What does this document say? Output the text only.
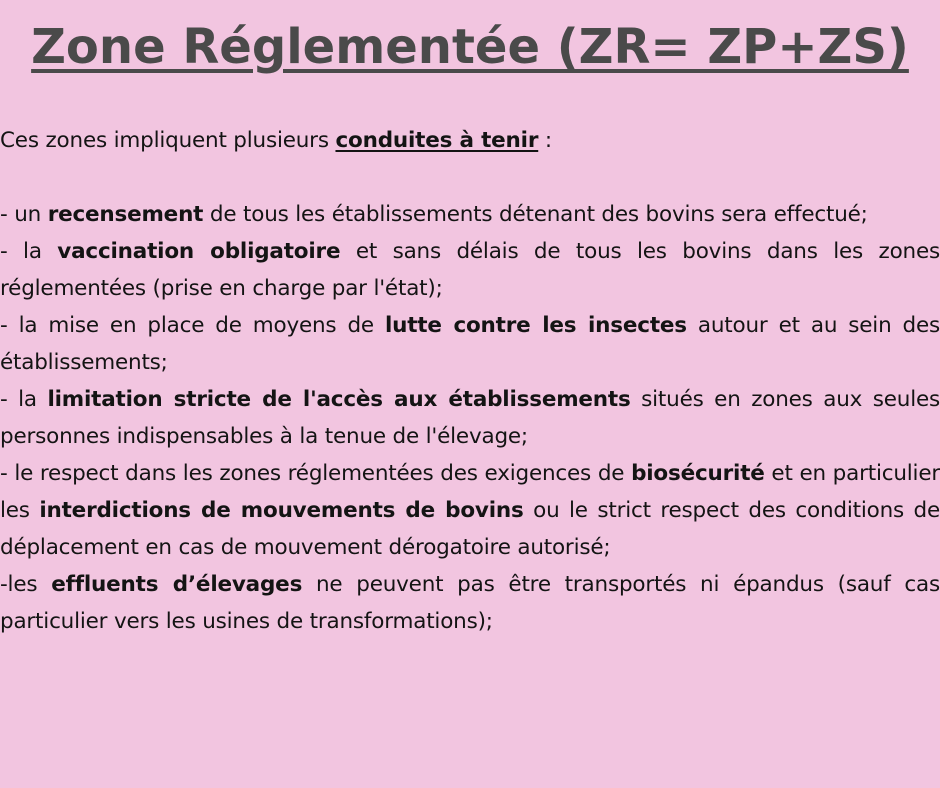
Zone Réglementée (ZR= ZP+ZS)

Ces zones impliquent plusieurs conduites à tenir :

- un recensement de tous les établissements détenant des bovins sera effectué;

- la vaccination obligatoire et sans délais de tous les bovins dans les zones réglementées (prise en charge par l'état);

- la mise en place de moyens de lutte contre les insectes autour et au sein des établissements;

- la limitation stricte de l'accès aux établissements situés en zones aux seules personnes indispensables à la tenue de l'élevage;

- le respect dans les zones réglementées des exigences de biosécurité et en particulier les interdictions de mouvements de bovins ou le strict respect des conditions de déplacement en cas de mouvement dérogatoire autorisé;

-les effluents d’élevages ne peuvent pas être transportés ni épandus (sauf cas particulier vers les usines de transformations);
